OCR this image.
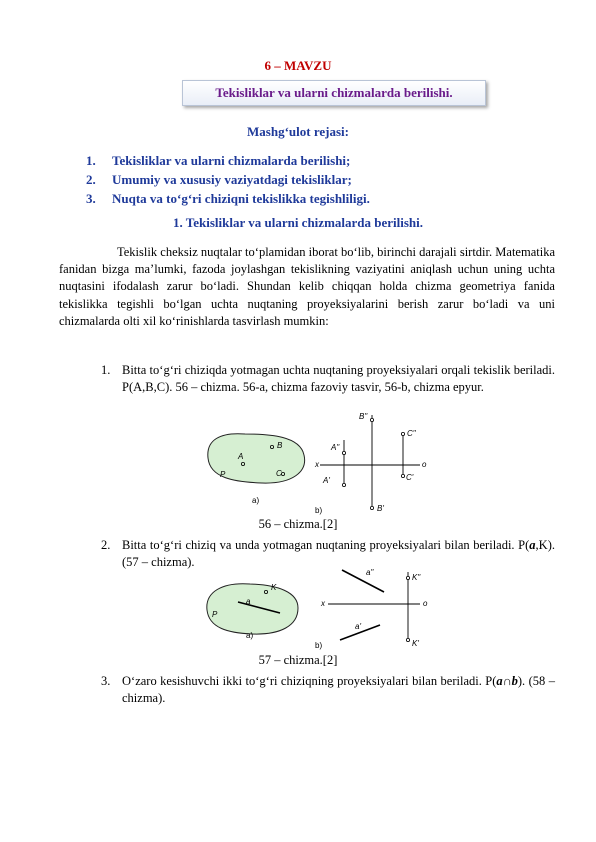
6 – MAVZU
Tekisliklar va ularni chizmalarda berilishi.
Mashg‘ulot rejasi:
1. Tekisliklar va ularni chizmalarda berilishi;
2. Umumiy va xususiy vaziyatdagi tekisliklar;
3. Nuqta va to‘g‘ri chiziqni tekislikka tegishliligi.
1. Tekisliklar va ularni chizmalarda berilishi.
Tekislik cheksiz nuqtalar to‘plamidan iborat bo‘lib, birinchi darajali sirtdir. Matematika fanidan bizga ma’lumki, fazoda joylashgan tekislikning vaziyatini aniqlash uchun uning uchta nuqtasini ifodalash zarur bo‘ladi. Shundan kelib chiqqan holda chizma geometriya fanida tekislikka tegishli bo‘lgan uchta nuqtaning proyeksiyalarini berish zarur bo‘ladi va uni chizmalarda olti xil ko‘rinishlarda tasvirlash mumkin:
1. Bitta to‘g‘ri chiziqda yotmagan uchta nuqtaning proyeksiyalari orqali tekislik beriladi. P(A,B,C). 56 – chizma. 56-a, chizma fazoviy tasvir, 56-b, chizma epyur.
P
A
B
C
a)
x	o
A"
A'
B"
B'
C"
C'
b)
56 – chizma.[2]
2. Bitta to‘g‘ri chiziq va unda yotmagan nuqtaning proyeksiyalari bilan beriladi. P(a,K). (57 – chizma).
P
K
a
a)
x	o
a"
a'
K"
K'
b)
57 – chizma.[2]
3. O‘zaro kesishuvchi ikki to‘g‘ri chiziqning proyeksiyalari bilan beriladi. P(a∩b). (58 – chizma).
